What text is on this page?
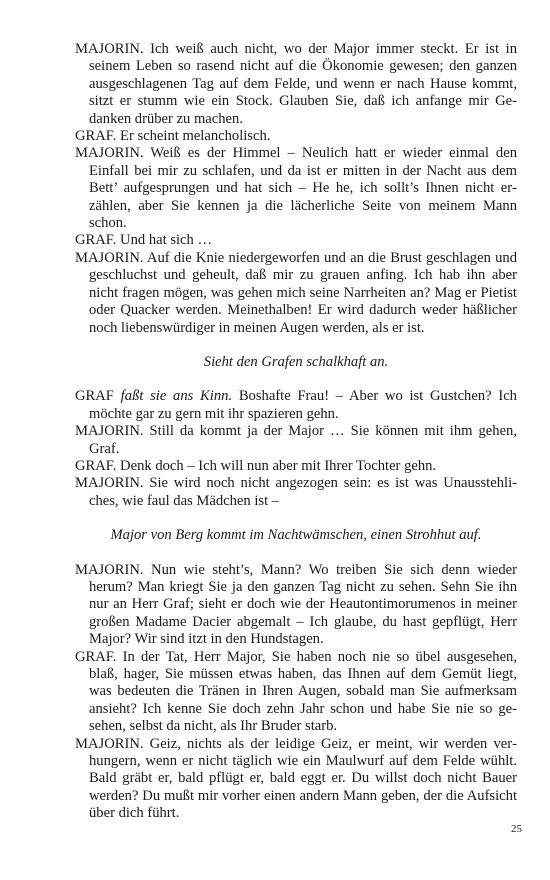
MAJORIN. Ich weiß auch nicht, wo der Major immer steckt. Er ist in seinem Leben so rasend nicht auf die Ökonomie gewesen; den ganzen ausgeschlagenen Tag auf dem Felde, und wenn er nach Hause kommt, sitzt er stumm wie ein Stock. Glauben Sie, daß ich anfange mir Gedanken drüber zu machen.

GRAF. Er scheint melancholisch.

MAJORIN. Weiß es der Himmel – Neulich hatt er wieder einmal den Einfall bei mir zu schlafen, und da ist er mitten in der Nacht aus dem Bett’ aufgesprungen und hat sich – He he, ich sollt’s Ihnen nicht erzählen, aber Sie kennen ja die lächerliche Seite von meinem Mann schon.

GRAF. Und hat sich …

MAJORIN. Auf die Knie niedergeworfen und an die Brust geschlagen und geschluchst und geheult, daß mir zu grauen anfing. Ich hab ihn aber nicht fragen mögen, was gehen mich seine Narrheiten an? Mag er Pietist oder Quacker werden. Meinethalben! Er wird dadurch weder häßlicher noch liebenswürdiger in meinen Augen werden, als er ist.

Sieht den Grafen schalkhaft an.

GRAF faßt sie ans Kinn. Boshafte Frau! – Aber wo ist Gustchen? Ich möchte gar zu gern mit ihr spazieren gehn.

MAJORIN. Still da kommt ja der Major … Sie können mit ihm gehen, Graf.

GRAF. Denk doch – Ich will nun aber mit Ihrer Tochter gehn.

MAJORIN. Sie wird noch nicht angezogen sein: es ist was Unausstehliches, wie faul das Mädchen ist –

Major von Berg kommt im Nachtwämschen, einen Strohhut auf.

MAJORIN. Nun wie steht’s, Mann? Wo treiben Sie sich denn wieder herum? Man kriegt Sie ja den ganzen Tag nicht zu sehen. Sehn Sie ihn nur an Herr Graf; sieht er doch wie der Heautontimorumenos in meiner großen Madame Dacier abgemalt – Ich glaube, du hast gepflügt, Herr Major? Wir sind itzt in den Hundstagen.

GRAF. In der Tat, Herr Major, Sie haben noch nie so übel ausgesehen, blaß, hager, Sie müssen etwas haben, das Ihnen auf dem Gemüt liegt, was bedeuten die Tränen in Ihren Augen, sobald man Sie aufmerksam ansieht? Ich kenne Sie doch zehn Jahr schon und habe Sie nie so gesehen, selbst da nicht, als Ihr Bruder starb.

MAJORIN. Geiz, nichts als der leidige Geiz, er meint, wir werden verhungern, wenn er nicht täglich wie ein Maulwurf auf dem Felde wühlt. Bald gräbt er, bald pflügt er, bald eggt er. Du willst doch nicht Bauer werden? Du mußt mir vorher einen andern Mann geben, der die Aufsicht über dich führt.

25
